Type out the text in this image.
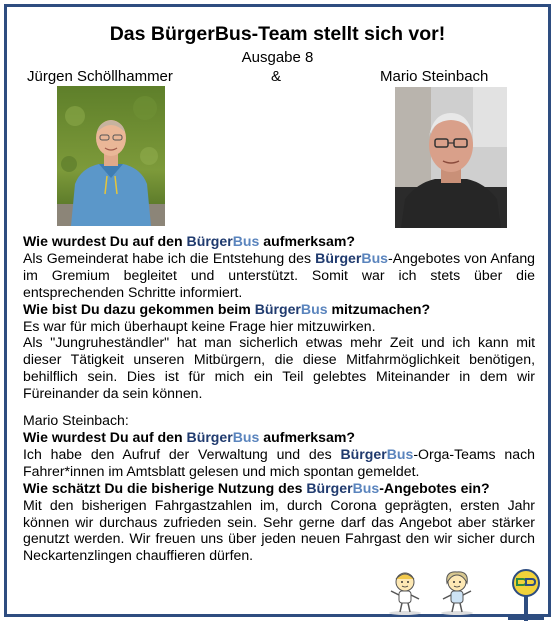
Das BürgerBus-Team stellt sich vor!
Ausgabe 8
Jürgen Schöllhammer	&	Mario Steinbach

Wie wurdest Du auf den BürgerBus aufmerksam?

Als Gemeinderat habe ich die Entstehung des BürgerBus-Angebotes von Anfang im Gremium begleitet und unterstützt. Somit war ich stets über die entsprechenden Schritte informiert.

Wie bist Du dazu gekommen beim BürgerBus mitzumachen?

Es war für mich überhaupt keine Frage hier mitzuwirken.

Als "Jungruheständler" hat man sicherlich etwas mehr Zeit und ich kann mit dieser Tätigkeit unseren Mitbürgern, die diese Mitfahrmöglichkeit benötigen, behilflich sein. Dies ist für mich ein Teil gelebtes Miteinander in dem wir Füreinander da sein können.

Mario Steinbach:

Wie wurdest Du auf den BürgerBus aufmerksam?

Ich habe den Aufruf der Verwaltung und des BürgerBus-Orga-Teams nach Fahrer*innen im Amtsblatt gelesen und mich spontan gemeldet.

Wie schätzt Du die bisherige Nutzung des BürgerBus-Angebotes ein?

Mit den bisherigen Fahrgastzahlen im, durch Corona geprägten, ersten Jahr können wir durchaus zufrieden sein. Sehr gerne darf das Angebot aber stärker genutzt werden. Wir freuen uns über jeden neuen Fahrgast den wir sicher durch Neckartenzlingen chauffieren dürfen.
